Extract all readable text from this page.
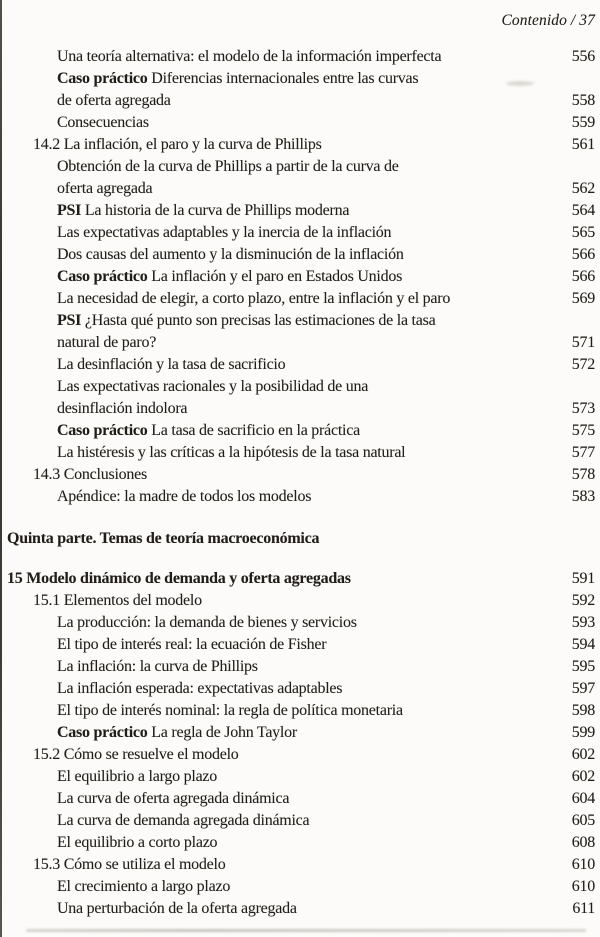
Contenido / 37
Una teoría alternativa: el modelo de la información imperfecta	556
Caso práctico Diferencias internacionales entre las curvas
de oferta agregada	558
Consecuencias	559
14.2 La inflación, el paro y la curva de Phillips	561
Obtención de la curva de Phillips a partir de la curva de
oferta agregada	562
PSI La historia de la curva de Phillips moderna	564
Las expectativas adaptables y la inercia de la inflación	565
Dos causas del aumento y la disminución de la inflación	566
Caso práctico La inflación y el paro en Estados Unidos	566
La necesidad de elegir, a corto plazo, entre la inflación y el paro	569
PSI ¿Hasta qué punto son precisas las estimaciones de la tasa
natural de paro?	571
La desinflación y la tasa de sacrificio	572
Las expectativas racionales y la posibilidad de una
desinflación indolora	573
Caso práctico La tasa de sacrificio en la práctica	575
La histéresis y las críticas a la hipótesis de la tasa natural	577
14.3 Conclusiones	578
Apéndice: la madre de todos los modelos	583
Quinta parte. Temas de teoría macroeconómica
15 Modelo dinámico de demanda y oferta agregadas	591
15.1 Elementos del modelo	592
La producción: la demanda de bienes y servicios	593
El tipo de interés real: la ecuación de Fisher	594
La inflación: la curva de Phillips	595
La inflación esperada: expectativas adaptables	597
El tipo de interés nominal: la regla de política monetaria	598
Caso práctico La regla de John Taylor	599
15.2 Cómo se resuelve el modelo	602
El equilibrio a largo plazo	602
La curva de oferta agregada dinámica	604
La curva de demanda agregada dinámica	605
El equilibrio a corto plazo	608
15.3 Cómo se utiliza el modelo	610
El crecimiento a largo plazo	610
Una perturbación de la oferta agregada	611
